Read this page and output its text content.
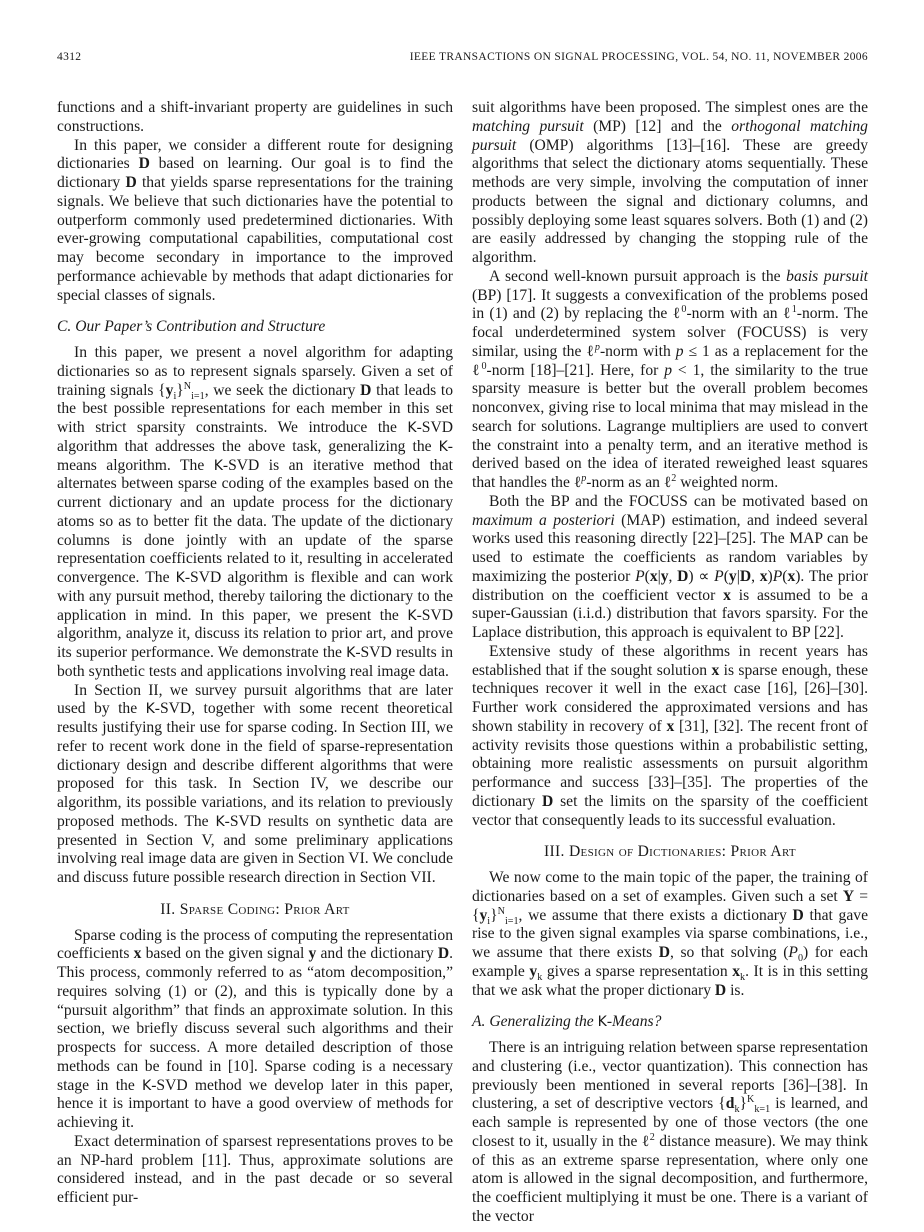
4312	IEEE TRANSACTIONS ON SIGNAL PROCESSING, VOL. 54, NO. 11, NOVEMBER 2006

functions and a shift-invariant property are guidelines in such constructions.

In this paper, we consider a different route for designing dictionaries D based on learning. Our goal is to find the dictionary D that yields sparse representations for the training signals. We believe that such dictionaries have the potential to outperform commonly used predetermined dictionaries. With ever-growing computational capabilities, computational cost may become secondary in importance to the improved performance achievable by methods that adapt dictionaries for special classes of signals.

C. Our Paper’s Contribution and Structure

In this paper, we present a novel algorithm for adapting dictionaries so as to represent signals sparsely. Given a set of training signals $\{y_i\}^N_{i=1}$, we seek the dictionary D that leads to the best possible representations for each member in this set with strict sparsity constraints. We introduce the K-SVD algorithm that addresses the above task, generalizing the K-means algorithm. The K-SVD is an iterative method that alternates between sparse coding of the examples based on the current dictionary and an update process for the dictionary atoms so as to better fit the data. The update of the dictionary columns is done jointly with an update of the sparse representation coefficients related to it, resulting in accelerated convergence. The K-SVD algorithm is flexible and can work with any pursuit method, thereby tailoring the dictionary to the application in mind. In this paper, we present the K-SVD algorithm, analyze it, discuss its relation to prior art, and prove its superior performance. We demonstrate the K-SVD results in both synthetic tests and applications involving real image data.

In Section II, we survey pursuit algorithms that are later used by the K-SVD, together with some recent theoretical results justifying their use for sparse coding. In Section III, we refer to recent work done in the field of sparse-representation dictionary design and describe different algorithms that were proposed for this task. In Section IV, we describe our algorithm, its possible variations, and its relation to previously proposed methods. The K-SVD results on synthetic data are presented in Section V, and some preliminary applications involving real image data are given in Section VI. We conclude and discuss future possible research direction in Section VII.

II. Sparse Coding: Prior Art

Sparse coding is the process of computing the representation coefficients x based on the given signal y and the dictionary D. This process, commonly referred to as “atom decomposition,” requires solving (1) or (2), and this is typically done by a “pursuit algorithm” that finds an approximate solution. In this section, we briefly discuss several such algorithms and their prospects for success. A more detailed description of those methods can be found in [10]. Sparse coding is a necessary stage in the K-SVD method we develop later in this paper, hence it is important to have a good overview of methods for achieving it.

Exact determination of sparsest representations proves to be an NP-hard problem [11]. Thus, approximate solutions are considered instead, and in the past decade or so several efficient pur-

suit algorithms have been proposed. The simplest ones are the matching pursuit (MP) [12] and the orthogonal matching pursuit (OMP) algorithms [13]–[16]. These are greedy algorithms that select the dictionary atoms sequentially. These methods are very simple, involving the computation of inner products between the signal and dictionary columns, and possibly deploying some least squares solvers. Both (1) and (2) are easily addressed by changing the stopping rule of the algorithm.

A second well-known pursuit approach is the basis pursuit (BP) [17]. It suggests a convexification of the problems posed in (1) and (2) by replacing the ℓ$^0$-norm with an ℓ$^1$-norm. The focal underdetermined system solver (FOCUSS) is very similar, using the ℓ$^p$-norm with p ≤ 1 as a replacement for the ℓ$^0$-norm [18]–[21]. Here, for p < 1, the similarity to the true sparsity measure is better but the overall problem becomes nonconvex, giving rise to local minima that may mislead in the search for solutions. Lagrange multipliers are used to convert the constraint into a penalty term, and an iterative method is derived based on the idea of iterated reweighed least squares that handles the ℓ$^p$-norm as an ℓ$^2$ weighted norm.

Both the BP and the FOCUSS can be motivated based on maximum a posteriori (MAP) estimation, and indeed several works used this reasoning directly [22]–[25]. The MAP can be used to estimate the coefficients as random variables by maximizing the posterior P(x|y, D) ∝ P(y|D, x)P(x). The prior distribution on the coefficient vector x is assumed to be a super-Gaussian (i.i.d.) distribution that favors sparsity. For the Laplace distribution, this approach is equivalent to BP [22].

Extensive study of these algorithms in recent years has established that if the sought solution x is sparse enough, these techniques recover it well in the exact case [16], [26]–[30]. Further work considered the approximated versions and has shown stability in recovery of x [31], [32]. The recent front of activity revisits those questions within a probabilistic setting, obtaining more realistic assessments on pursuit algorithm performance and success [33]–[35]. The properties of the dictionary D set the limits on the sparsity of the coefficient vector that consequently leads to its successful evaluation.

III. Design of Dictionaries: Prior Art

We now come to the main topic of the paper, the training of dictionaries based on a set of examples. Given such a set $Y = \{y_i\}^N_{i=1}$, we assume that there exists a dictionary D that gave rise to the given signal examples via sparse combinations, i.e., we assume that there exists D, so that solving $(P_0)$ for each example $y_k$ gives a sparse representation $x_k$. It is in this setting that we ask what the proper dictionary D is.

A. Generalizing the K-Means?

There is an intriguing relation between sparse representation and clustering (i.e., vector quantization). This connection has previously been mentioned in several reports [36]–[38]. In clustering, a set of descriptive vectors $\{d_k\}^K_{k=1}$ is learned, and each sample is represented by one of those vectors (the one closest to it, usually in the ℓ$^2$ distance measure). We may think of this as an extreme sparse representation, where only one atom is allowed in the signal decomposition, and furthermore, the coefficient multiplying it must be one. There is a variant of the vector
